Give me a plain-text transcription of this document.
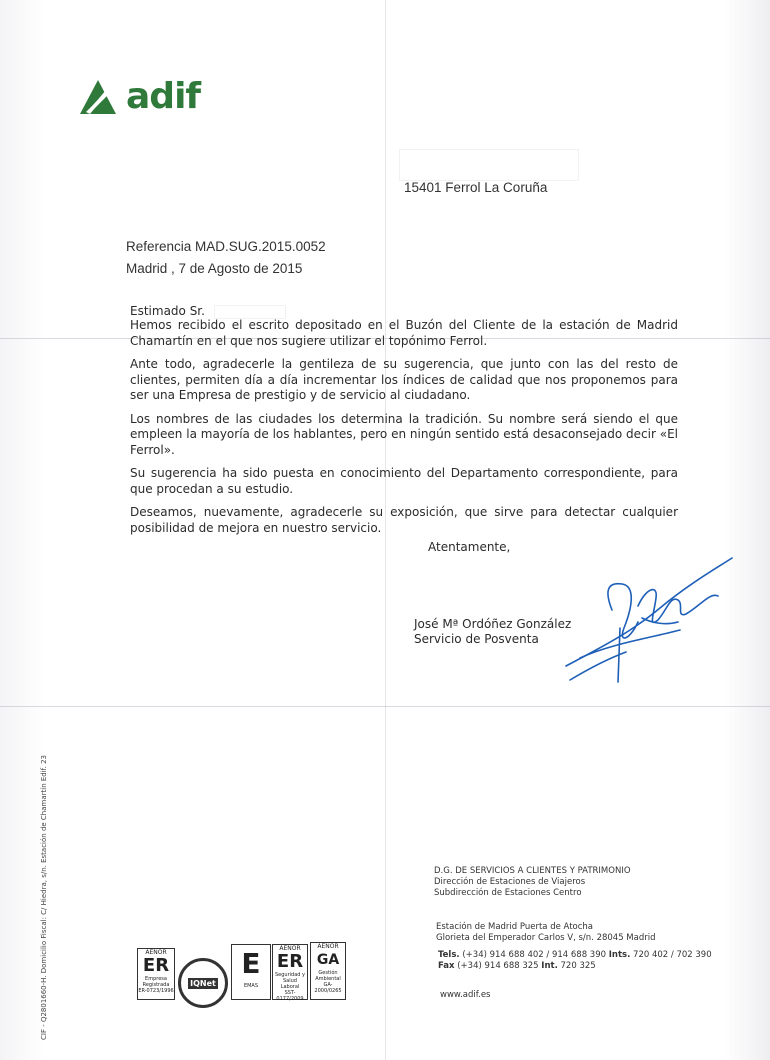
adif
15401 Ferrol La Coruña
Referencia MAD.SUG.2015.0052
Madrid , 7 de Agosto de 2015
Estimado Sr.

Hemos recibido el escrito depositado en el Buzón del Cliente de la estación de Madrid Chamartín en el que nos sugiere utilizar el topónimo Ferrol.

Ante todo, agradecerle la gentileza de su sugerencia, que junto con las del resto de clientes, permiten día a día incrementar los índices de calidad que nos proponemos para ser una Empresa de prestigio y de servicio al ciudadano.

Los nombres de las ciudades los determina la tradición. Su nombre será siendo el que empleen la mayoría de los hablantes, pero en ningún sentido está desaconsejado decir «El Ferrol».

Su sugerencia ha sido puesta en conocimiento del Departamento correspondiente, para que procedan a su estudio.

Deseamos, nuevamente, agradecerle su exposición, que sirve para detectar cualquier posibilidad de mejora en nuestro servicio.

Atentamente,
José Mª Ordóñez González
Servicio de Posventa
D.G. DE SERVICIOS A CLIENTES Y PATRIMONIO
Dirección de Estaciones de Viajeros
Subdirección de Estaciones Centro
Estación de Madrid Puerta de Atocha
Glorieta del Emperador Carlos V, s/n. 28045 Madrid
Tels. (+34) 914 688 402 / 914 688 390 Ints. 720 402 / 702 390
Fax (+34) 914 688 325 Int. 720 325
www.adif.es
CIF - Q2801660-H. Domicilio Fiscal: C/ Hiedra, s/n. Estación de Chamartín Edif. 23	AENOR
ER
Empresa Registrada
ER-0723/1996
IQNet
E
EMAS
AENOR
ER
Seguridad y Salud Laboral
SST-0177/2009
AENOR
GA
Gestión Ambiental
GA-2000/0265
